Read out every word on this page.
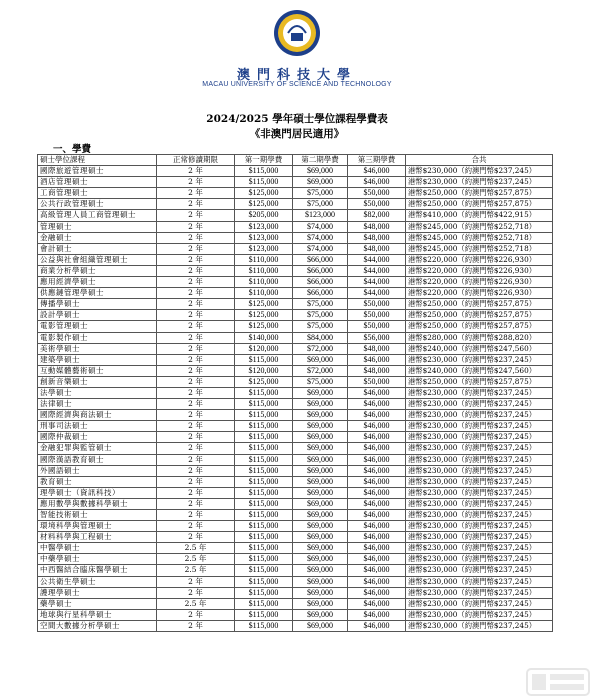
澳門科技大學
MACAU UNIVERSITY OF SCIENCE AND TECHNOLOGY
2024/2025 學年碩士學位課程學費表
《非澳門居民適用》
一、學費
碩士學位課程	正常修讀期限	第一期學費	第二期學費	第三期學費	合共
國際旅遊管理碩士	2 年	$115,000	$69,000	$46,000	港幣$230,000（約澳門幣$237,245）
酒店管理碩士	2 年	$115,000	$69,000	$46,000	港幣$230,000（約澳門幣$237,245）
工商管理碩士	2 年	$125,000	$75,000	$50,000	港幣$250,000（約澳門幣$257,875）
公共行政管理碩士	2 年	$125,000	$75,000	$50,000	港幣$250,000（約澳門幣$257,875）
高級管理人員工商管理碩士	2 年	$205,000	$123,000	$82,000	港幣$410,000（約澳門幣$422,915）
管理碩士	2 年	$123,000	$74,000	$48,000	港幣$245,000（約澳門幣$252,718）
金融碩士	2 年	$123,000	$74,000	$48,000	港幣$245,000（約澳門幣$252,718）
會計碩士	2 年	$123,000	$74,000	$48,000	港幣$245,000（約澳門幣$252,718）
公益與社會組織管理碩士	2 年	$110,000	$66,000	$44,000	港幣$220,000（約澳門幣$226,930）
商業分析學碩士	2 年	$110,000	$66,000	$44,000	港幣$220,000（約澳門幣$226,930）
應用經濟學碩士	2 年	$110,000	$66,000	$44,000	港幣$220,000（約澳門幣$226,930）
供應鏈管理學碩士	2 年	$110,000	$66,000	$44,000	港幣$220,000（約澳門幣$226,930）
傳播學碩士	2 年	$125,000	$75,000	$50,000	港幣$250,000（約澳門幣$257,875）
設計學碩士	2 年	$125,000	$75,000	$50,000	港幣$250,000（約澳門幣$257,875）
電影管理碩士	2 年	$125,000	$75,000	$50,000	港幣$250,000（約澳門幣$257,875）
電影製作碩士	2 年	$140,000	$84,000	$56,000	港幣$280,000（約澳門幣$288,820）
美術學碩士	2 年	$120,000	$72,000	$48,000	港幣$240,000（約澳門幣$247,560）
建築學碩士	2 年	$115,000	$69,000	$46,000	港幣$230,000（約澳門幣$237,245）
互動媒體藝術碩士	2 年	$120,000	$72,000	$48,000	港幣$240,000（約澳門幣$247,560）
創新音樂碩士	2 年	$125,000	$75,000	$50,000	港幣$250,000（約澳門幣$257,875）
法學碩士	2 年	$115,000	$69,000	$46,000	港幣$230,000（約澳門幣$237,245）
法律碩士	2 年	$115,000	$69,000	$46,000	港幣$230,000（約澳門幣$237,245）
國際經濟與商法碩士	2 年	$115,000	$69,000	$46,000	港幣$230,000（約澳門幣$237,245）
刑事司法碩士	2 年	$115,000	$69,000	$46,000	港幣$230,000（約澳門幣$237,245）
國際仲裁碩士	2 年	$115,000	$69,000	$46,000	港幣$230,000（約澳門幣$237,245）
金融犯罪與監管碩士	2 年	$115,000	$69,000	$46,000	港幣$230,000（約澳門幣$237,245）
國際漢語教育碩士	2 年	$115,000	$69,000	$46,000	港幣$230,000（約澳門幣$237,245）
外國語碩士	2 年	$115,000	$69,000	$46,000	港幣$230,000（約澳門幣$237,245）
教育碩士	2 年	$115,000	$69,000	$46,000	港幣$230,000（約澳門幣$237,245）
理學碩士（資訊科技）	2 年	$115,000	$69,000	$46,000	港幣$230,000（約澳門幣$237,245）
應用數學與數據科學碩士	2 年	$115,000	$69,000	$46,000	港幣$230,000（約澳門幣$237,245）
智能技術碩士	2 年	$115,000	$69,000	$46,000	港幣$230,000（約澳門幣$237,245）
環境科學與管理碩士	2 年	$115,000	$69,000	$46,000	港幣$230,000（約澳門幣$237,245）
材料科學與工程碩士	2 年	$115,000	$69,000	$46,000	港幣$230,000（約澳門幣$237,245）
中醫學碩士	2.5 年	$115,000	$69,000	$46,000	港幣$230,000（約澳門幣$237,245）
中藥學碩士	2.5 年	$115,000	$69,000	$46,000	港幣$230,000（約澳門幣$237,245）
中西醫結合臨床醫學碩士	2.5 年	$115,000	$69,000	$46,000	港幣$230,000（約澳門幣$237,245）
公共衛生學碩士	2 年	$115,000	$69,000	$46,000	港幣$230,000（約澳門幣$237,245）
護理學碩士	2 年	$115,000	$69,000	$46,000	港幣$230,000（約澳門幣$237,245）
藥學碩士	2.5 年	$115,000	$69,000	$46,000	港幣$230,000（約澳門幣$237,245）
地球與行星科學碩士	2 年	$115,000	$69,000	$46,000	港幣$230,000（約澳門幣$237,245）
空間大數據分析學碩士	2 年	$115,000	$69,000	$46,000	港幣$230,000（約澳門幣$237,245）
